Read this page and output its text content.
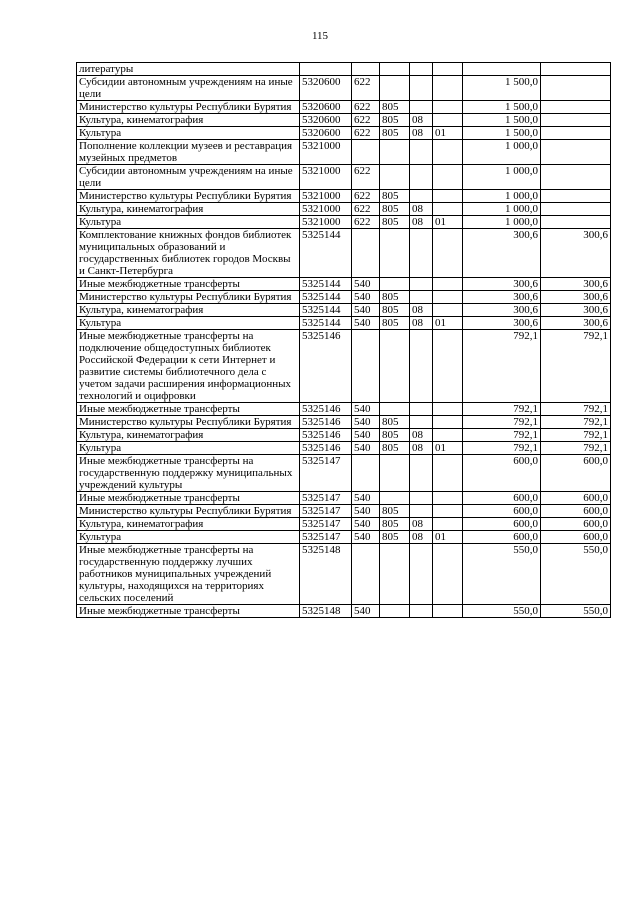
115
литературы							
Субсидии автономным учреждениям на иные цели	5320600	622				1 500,0	
Министерство культуры Республики Бурятия	5320600	622	805			1 500,0	
Культура, кинематография	5320600	622	805	08		1 500,0	
Культура	5320600	622	805	08	01	1 500,0	
Пополнение коллекции музеев и реставрация музейных предметов	5321000					1 000,0	
Субсидии автономным учреждениям на иные цели	5321000	622				1 000,0	
Министерство культуры Республики Бурятия	5321000	622	805			1 000,0	
Культура, кинематография	5321000	622	805	08		1 000,0	
Культура	5321000	622	805	08	01	1 000,0	
Комплектование книжных фондов библиотек муниципальных образований и государственных библиотек городов Москвы и Санкт-Петербурга	5325144					300,6	300,6
Иные межбюджетные трансферты	5325144	540				300,6	300,6
Министерство культуры Республики Бурятия	5325144	540	805			300,6	300,6
Культура, кинематография	5325144	540	805	08		300,6	300,6
Культура	5325144	540	805	08	01	300,6	300,6
Иные межбюджетные трансферты на подключение общедоступных библиотек Российской Федерации к сети Интернет и развитие системы библиотечного дела с учетом задачи расширения информационных технологий и оцифровки	5325146					792,1	792,1
Иные межбюджетные трансферты	5325146	540				792,1	792,1
Министерство культуры Республики Бурятия	5325146	540	805			792,1	792,1
Культура, кинематография	5325146	540	805	08		792,1	792,1
Культура	5325146	540	805	08	01	792,1	792,1
Иные межбюджетные трансферты на государственную поддержку муниципальных учреждений культуры	5325147					600,0	600,0
Иные межбюджетные трансферты	5325147	540				600,0	600,0
Министерство культуры Республики Бурятия	5325147	540	805			600,0	600,0
Культура, кинематография	5325147	540	805	08		600,0	600,0
Культура	5325147	540	805	08	01	600,0	600,0
Иные межбюджетные трансферты на государственную поддержку лучших работников муниципальных учреждений культуры, находящихся на территориях сельских поселений	5325148					550,0	550,0
Иные межбюджетные трансферты	5325148	540				550,0	550,0
